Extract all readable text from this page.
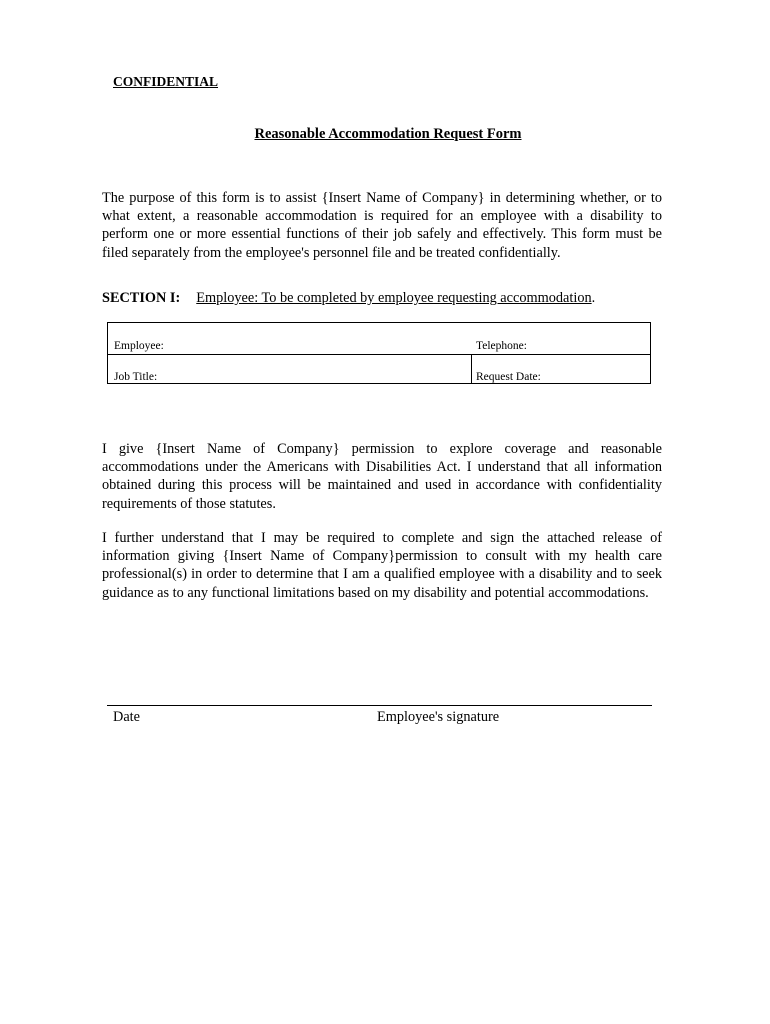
CONFIDENTIAL
Reasonable Accommodation Request Form

The purpose of this form is to assist {Insert Name of Company} in determining whether, or to what extent, a reasonable accommodation is required for an employee with a disability to perform one or more essential functions of their job safely and effectively. This form must be filed separately from the employee's personnel file and be treated confidentially.

SECTION I: Employee: To be completed by employee requesting accommodation.
Employee:	Telephone:
Job Title:	Request Date:

I give {Insert Name of Company} permission to explore coverage and reasonable accommodations under the Americans with Disabilities Act. I understand that all information obtained during this process will be maintained and used in accordance with confidentiality requirements of those statutes.

I further understand that I may be required to complete and sign the attached release of information giving {Insert Name of Company}permission to consult with my health care professional(s) in order to determine that I am a qualified employee with a disability and to seek guidance as to any functional limitations based on my disability and potential accommodations.

Date	Employee's signature
